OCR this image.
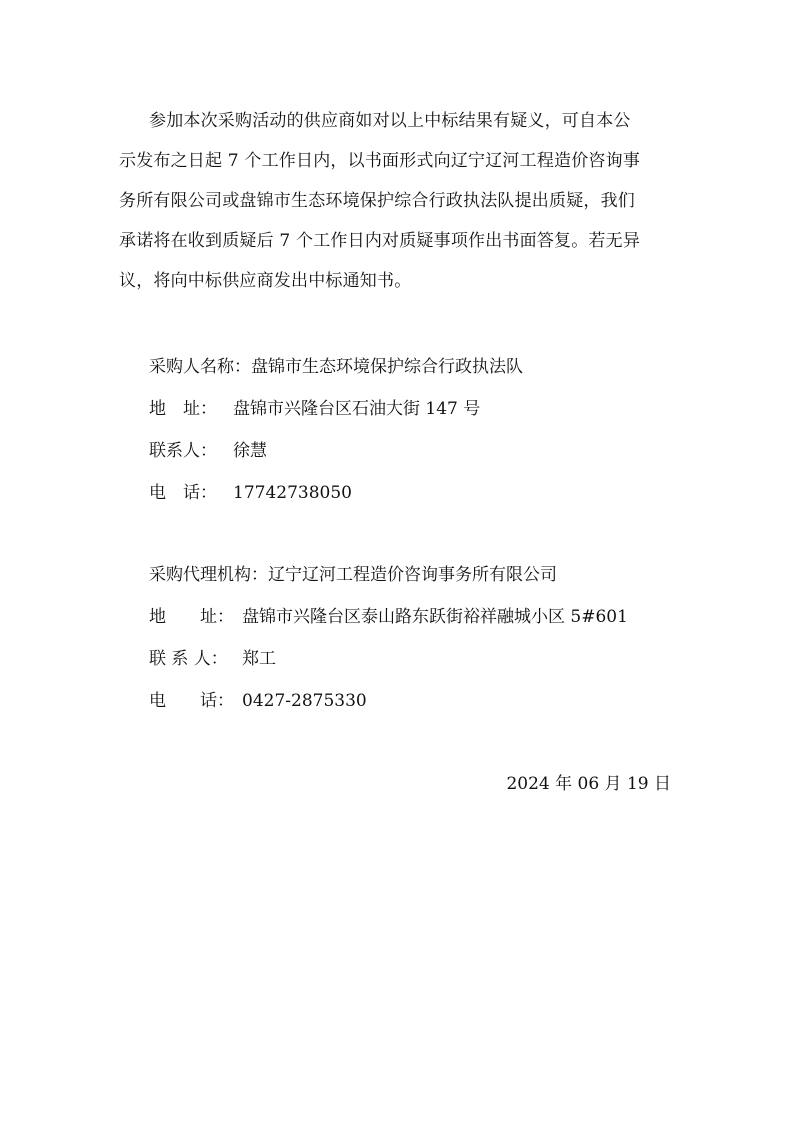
参加本次采购活动的供应商如对以上中标结果有疑义，可自本公
示发布之日起 7 个工作日内，以书面形式向辽宁辽河工程造价咨询事
务所有限公司或盘锦市生态环境保护综合行政执法队提出质疑，我们
承诺将在收到质疑后 7 个工作日内对质疑事项作出书面答复。若无异
议，将向中标供应商发出中标通知书。

采购人名称：盘锦市生态环境保护综合行政执法队
地　址： 盘锦市兴隆台区石油大街 147 号
联系人： 徐慧
电　话： 17742738050
采购代理机构：辽宁辽河工程造价咨询事务所有限公司
地　　址： 盘锦市兴隆台区泰山路东跃街裕祥融城小区 5#601
联 系 人： 郑工
电　　话： 0427-2875330

2024 年 06 月 19 日
